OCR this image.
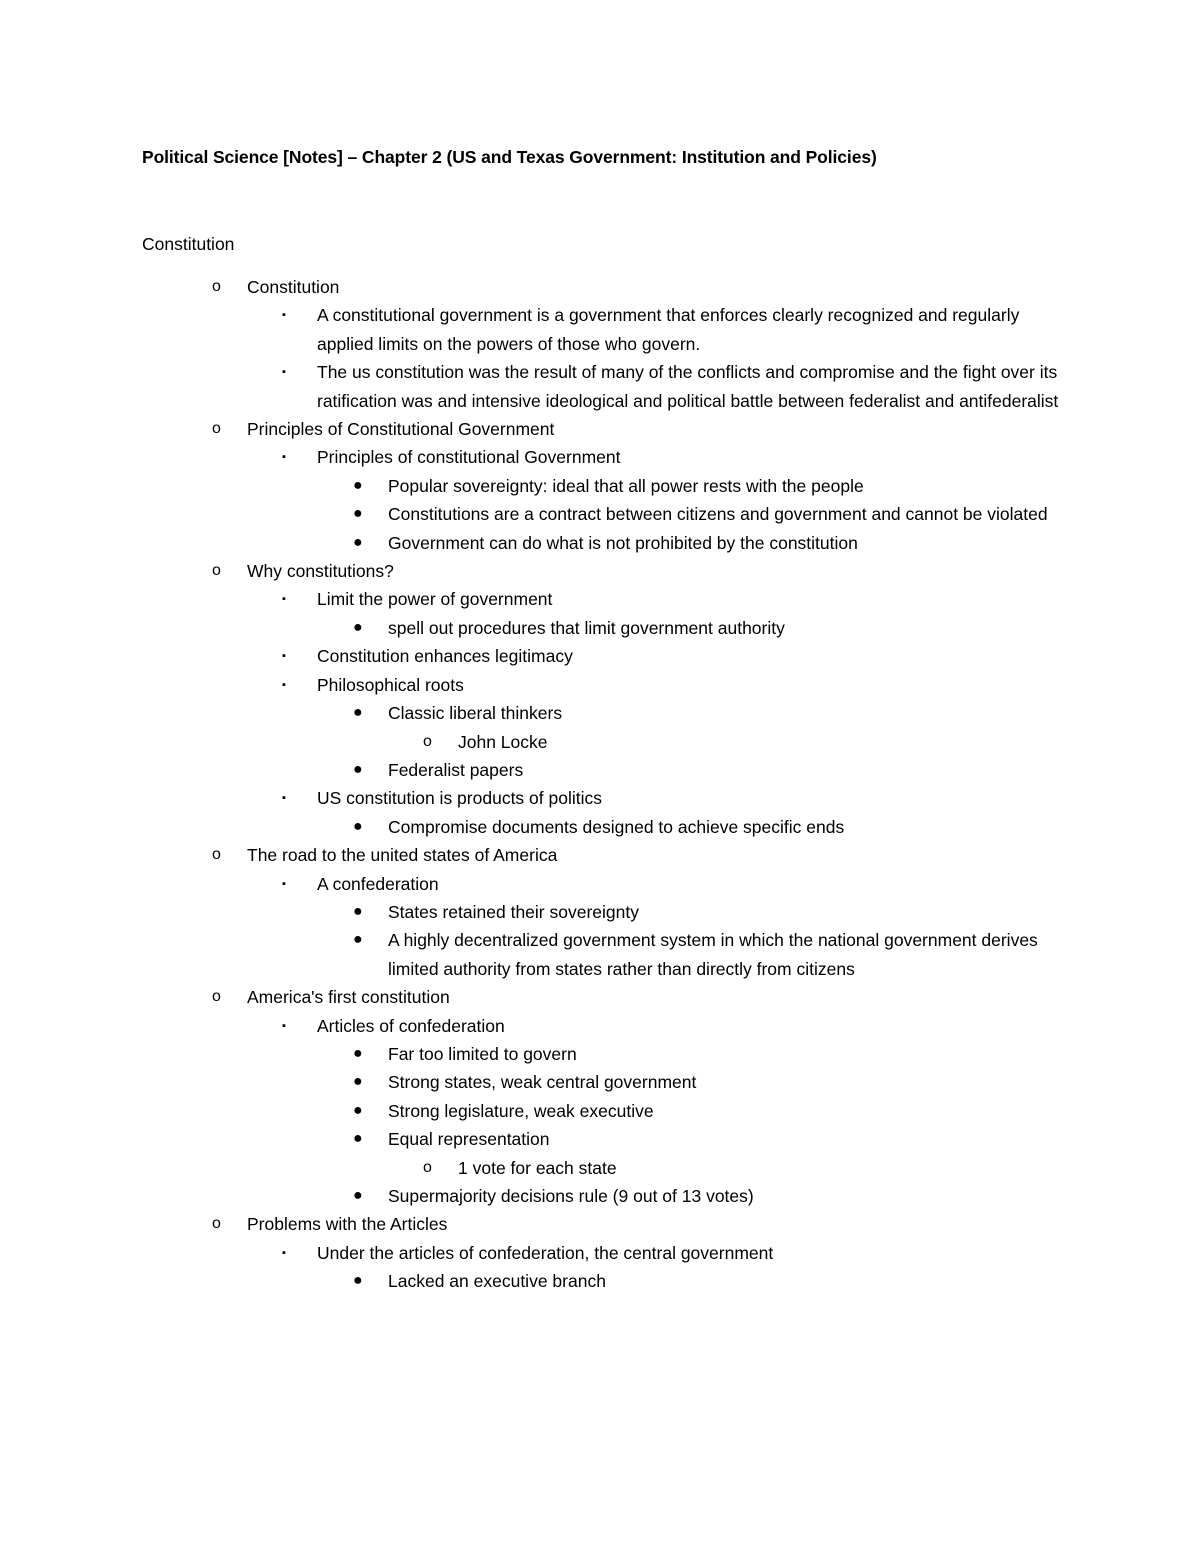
Political Science [Notes] – Chapter 2 (US and Texas Government: Institution and Policies)
Constitution
o Constitution
▪ A constitutional government is a government that enforces clearly recognized and regularly applied limits on the powers of those who govern.
▪ The us constitution was the result of many of the conflicts and compromise and the fight over its ratification was and intensive ideological and political battle between federalist and antifederalist
o Principles of Constitutional Government
▪ Principles of constitutional Government
● Popular sovereignty: ideal that all power rests with the people
● Constitutions are a contract between citizens and government and cannot be violated
● Government can do what is not prohibited by the constitution
o Why constitutions?
▪ Limit the power of government
● spell out procedures that limit government authority
▪ Constitution enhances legitimacy
▪ Philosophical roots
● Classic liberal thinkers
o John Locke
● Federalist papers
▪ US constitution is products of politics
● Compromise documents designed to achieve specific ends
o The road to the united states of America
▪ A confederation
● States retained their sovereignty
● A highly decentralized government system in which the national government derives limited authority from states rather than directly from citizens
o America's first constitution
▪ Articles of confederation
● Far too limited to govern
● Strong states, weak central government
● Strong legislature, weak executive
● Equal representation
o 1 vote for each state
● Supermajority decisions rule (9 out of 13 votes)
o Problems with the Articles
▪ Under the articles of confederation, the central government
● Lacked an executive branch
